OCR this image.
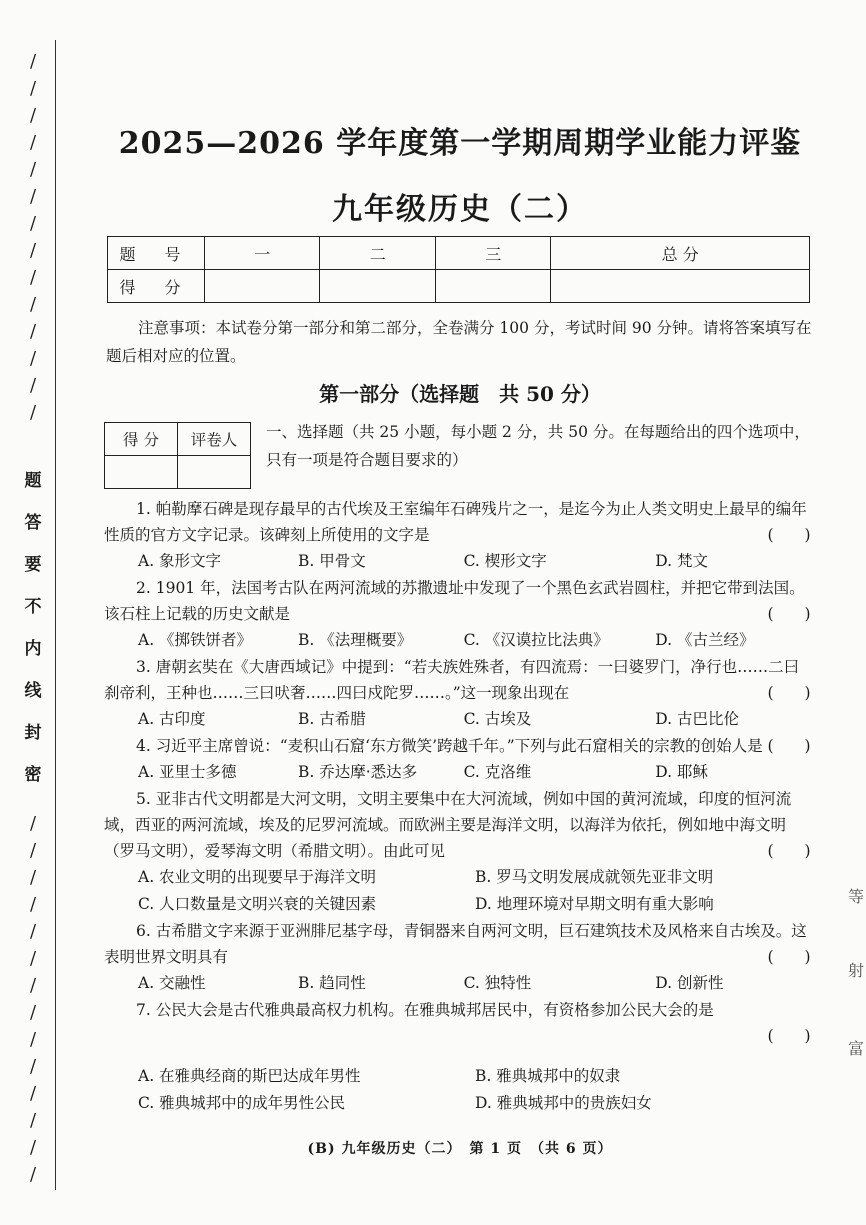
/
/
/
/
/
/
/
/
/
/
/
/
/
/
题
答
要
不
内
线
封
密
/
/
/
/
/
/
/
/
/
/
/
/
/
/
等
射
富
2025—2026 学年度第一学期周期学业能力评鉴
九年级历史（二）
题 号	一	二	三	总 分
得 分				

注意事项：本试卷分第一部分和第二部分，全卷满分 100 分，考试时间 90 分钟。请将答案填写在题后相对应的位置。

第一部分（选择题　共 50 分）
得 分	评卷人
	一、选择题（共 25 小题，每小题 2 分，共 50 分。在每题给出的四个选项中，只有一项是符合题目要求的）

1. 帕勒摩石碑是现存最早的古代埃及王室编年石碑残片之一，是迄今为止人类文明史上最早的编年性质的官方文字记录。该碑刻上所使用的文字是	(　　)

A. 象形文字	B. 甲骨文	C. 楔形文字	D. 梵文

2. 1901 年，法国考古队在两河流域的苏撒遗址中发现了一个黑色玄武岩圆柱，并把它带到法国。该石柱上记载的历史文献是	(　　)

A. 《掷铁饼者》	B. 《法理概要》	C. 《汉谟拉比法典》	D. 《古兰经》

3. 唐朝玄奘在《大唐西域记》中提到：“若夫族姓殊者，有四流焉：一曰婆罗门，净行也……二曰刹帝利，王种也……三曰吠奢……四曰戍陀罗……。”这一现象出现在	(　　)

A. 古印度	B. 古希腊	C. 古埃及	D. 古巴比伦

4. 习近平主席曾说：“麦积山石窟‘东方微笑’跨越千年。”下列与此石窟相关的宗教的创始人是 (　　)

A. 亚里士多德	B. 乔达摩·悉达多	C. 克洛维	D. 耶稣

5. 亚非古代文明都是大河文明，文明主要集中在大河流域，例如中国的黄河流域，印度的恒河流域，西亚的两河流域，埃及的尼罗河流域。而欧洲主要是海洋文明，以海洋为依托，例如地中海文明（罗马文明），爱琴海文明（希腊文明）。由此可见	(　　)

A. 农业文明的出现要早于海洋文明	B. 罗马文明发展成就领先亚非文明
C. 人口数量是文明兴衰的关键因素	D. 地理环境对早期文明有重大影响

6. 古希腊文字来源于亚洲腓尼基字母，青铜器来自两河文明，巨石建筑技术及风格来自古埃及。这表明世界文明具有	(　　)

A. 交融性	B. 趋同性	C. 独特性	D. 创新性

7. 公民大会是古代雅典最高权力机构。在雅典城邦居民中，有资格参加公民大会的是

(　　)

A. 在雅典经商的斯巴达成年男性	B. 雅典城邦中的奴隶
C. 雅典城邦中的成年男性公民	D. 雅典城邦中的贵族妇女

(B) 九年级历史（二）　第 1 页　（共 6 页）
